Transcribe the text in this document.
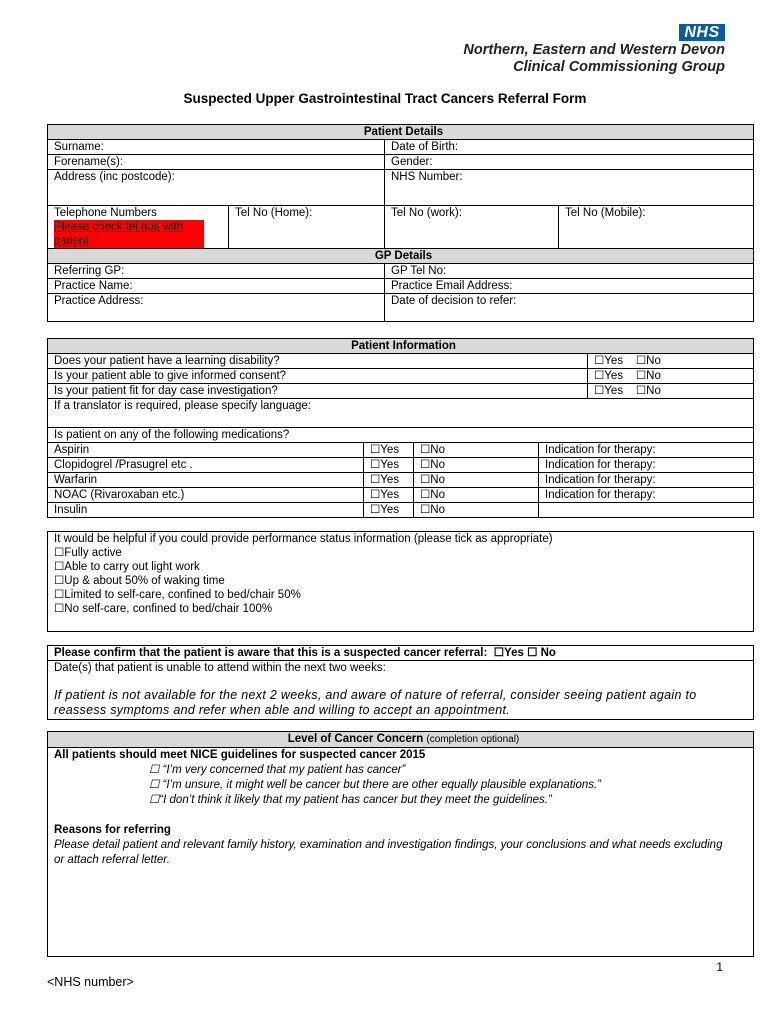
NHS
Northern, Eastern and Western Devon
Clinical Commissioning Group
Suspected Upper Gastrointestinal Tract Cancers Referral Form
Patient Details			
Surname:		Date of Birth:	
Forename(s):		Gender:	
Address (inc postcode):		NHS Number:	

Telephone Numbers
Please check tel nos with patient	Tel No (Home):	Tel No (work):	Tel No (Mobile):
GP Details			
Referring GP:		GP Tel No:	
Practice Name:		Practice Email Address:	
Practice Address:		Date of decision to refer:	
Patient Information				
Does your patient have a learning disability?				☐Yes ☐No
Is your patient able to give informed consent?				☐Yes ☐No
Is your patient fit for day case investigation?				☐Yes ☐No
If a translator is required, please specify language:				
Is patient on any of the following medications?				
Aspirin	☐Yes	☐No	Indication for therapy:	
Clopidogrel /Prasugrel etc .	☐Yes	☐No	Indication for therapy:	
Warfarin	☐Yes	☐No	Indication for therapy:	
NOAC (Rivaroxaban etc.)	☐Yes	☐No	Indication for therapy:	
Insulin	☐Yes	☐No		
It would be helpful if you could provide performance status information (please tick as appropriate)
☐Fully active
☐Able to carry out light work
☐Up & about 50% of waking time
☐Limited to self-care, confined to bed/chair 50%
☐No self-care, confined to bed/chair 100%
Please confirm that the patient is aware that this is a suspected cancer referral: ☐Yes ☐ No

Date(s) that patient is unable to attend within the next two weeks:
If patient is not available for the next 2 weeks, and aware of nature of referral, consider seeing patient again to reassess symptoms and refer when able and willing to accept an appointment.
Level of Cancer Concern (completion optional)

All patients should meet NICE guidelines for suspected cancer 2015
☐ “I’m very concerned that my patient has cancer”
☐ “I’m unsure, it might well be cancer but there are other equally plausible explanations.”
☐“I don’t think it likely that my patient has cancer but they meet the guidelines.”
Reasons for referring
Please detail patient and relevant family history, examination and investigation findings, your conclusions and what needs excluding or attach referral letter.
1
<NHS number>
